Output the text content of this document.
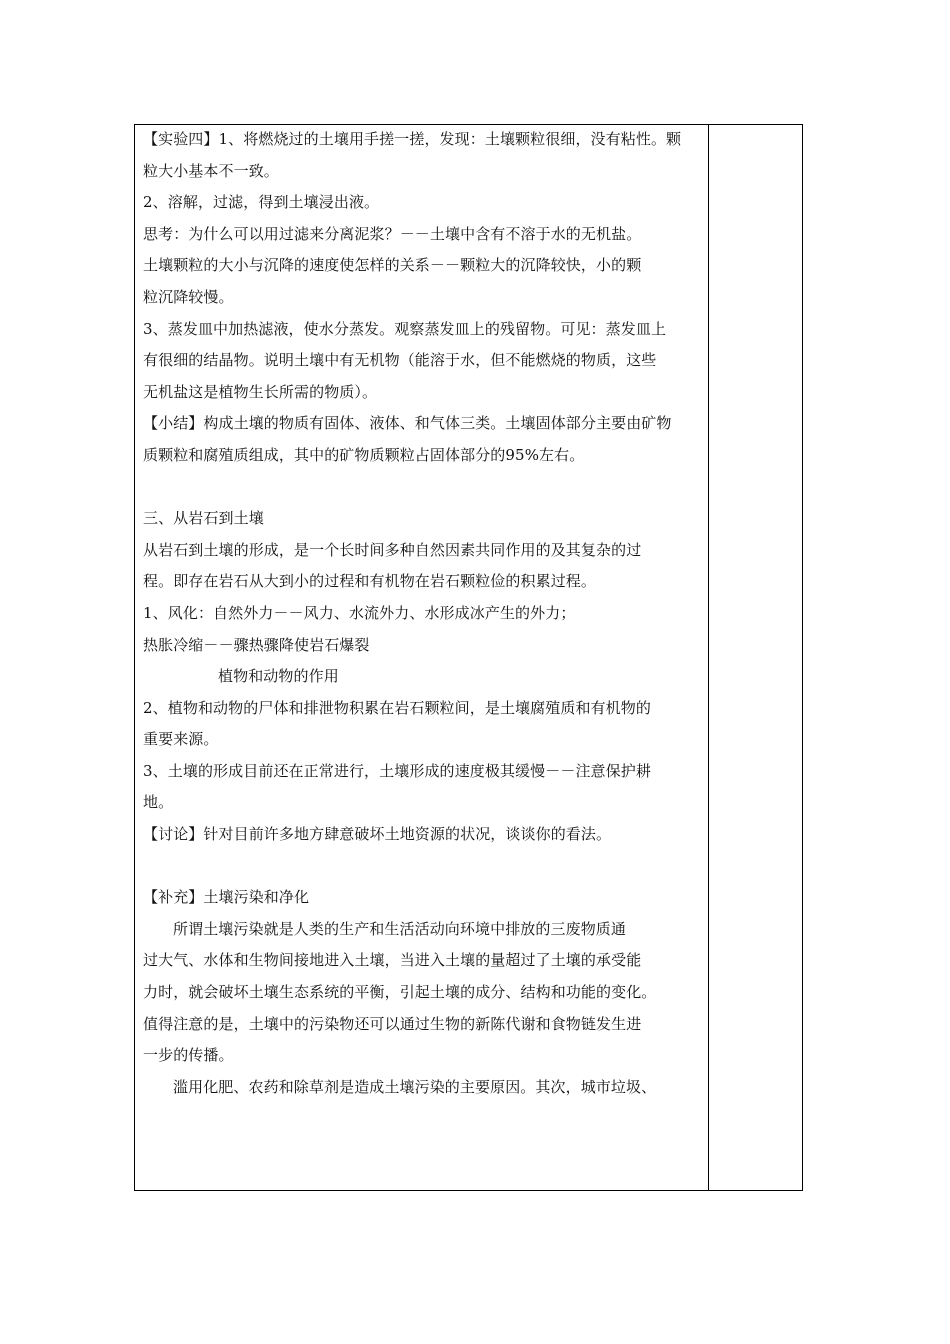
【实验四】1、将燃烧过的土壤用手搓一搓，发现：土壤颗粒很细，没有粘性。颗
粒大小基本不一致。
2、溶解，过滤，得到土壤浸出液。
思考：为什么可以用过滤来分离泥浆？－－土壤中含有不溶于水的无机盐。
土壤颗粒的大小与沉降的速度使怎样的关系－－颗粒大的沉降较快，小的颗
粒沉降较慢。
3、蒸发皿中加热滤液，使水分蒸发。观察蒸发皿上的残留物。可见：蒸发皿上
有很细的结晶物。说明土壤中有无机物（能溶于水，但不能燃烧的物质，这些
无机盐这是植物生长所需的物质）。
【小结】构成土壤的物质有固体、液体、和气体三类。土壤固体部分主要由矿物
质颗粒和腐殖质组成，其中的矿物质颗粒占固体部分的95%左右。
三、从岩石到土壤
从岩石到土壤的形成，是一个长时间多种自然因素共同作用的及其复杂的过
程。即存在岩石从大到小的过程和有机物在岩石颗粒俭的积累过程。
1、风化：自然外力－－风力、水流外力、水形成冰产生的外力；
热胀冷缩－－骤热骤降使岩石爆裂
植物和动物的作用
2、植物和动物的尸体和排泄物积累在岩石颗粒间，是土壤腐殖质和有机物的
重要来源。
3、土壤的形成目前还在正常进行，土壤形成的速度极其缓慢－－注意保护耕
地。
【讨论】针对目前许多地方肆意破坏土地资源的状况，谈谈你的看法。
【补充】土壤污染和净化
所谓土壤污染就是人类的生产和生活活动向环境中排放的三废物质通
过大气、水体和生物间接地进入土壤，当进入土壤的量超过了土壤的承受能
力时，就会破坏土壤生态系统的平衡，引起土壤的成分、结构和功能的变化。
值得注意的是，土壤中的污染物还可以通过生物的新陈代谢和食物链发生进
一步的传播。
滥用化肥、农药和除草剂是造成土壤污染的主要原因。其次，城市垃圾、
